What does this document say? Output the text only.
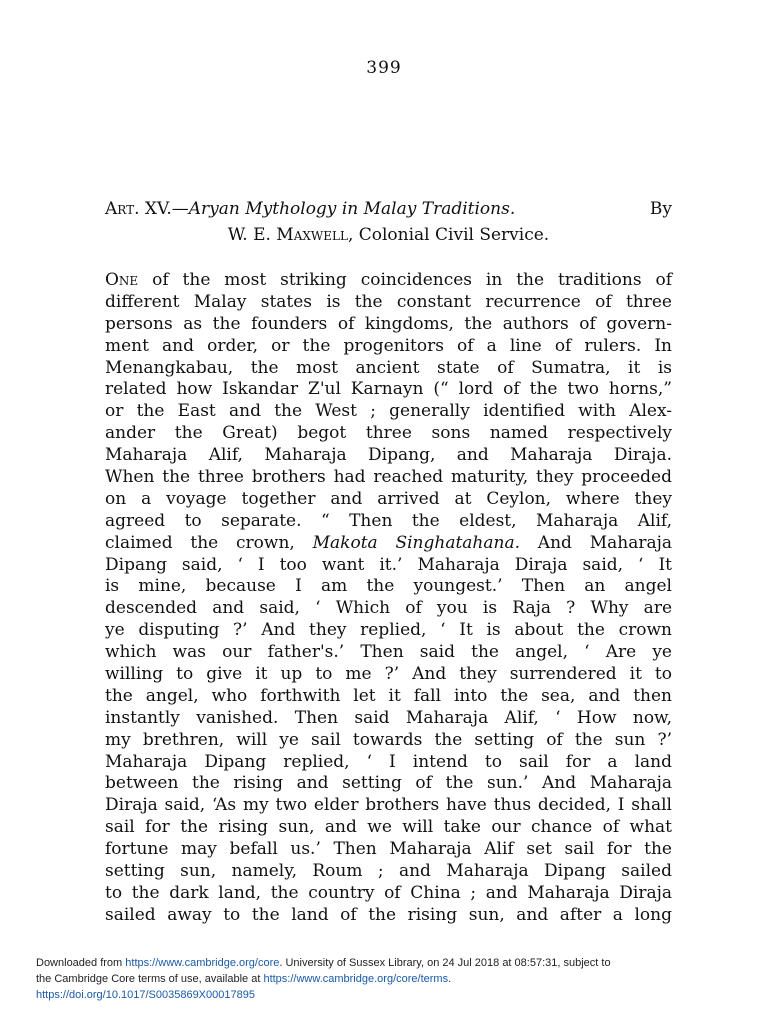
399
Art. XV.—Aryan Mythology in Malay Traditions.	By
W. E. Maxwell, Colonial Civil Service.
One of the most striking coincidences in the traditions of
different Malay states is the constant recurrence of three
persons as the founders of kingdoms, the authors of govern-
ment and order, or the progenitors of a line of rulers. In
Menangkabau, the most ancient state of Sumatra, it is
related how Iskandar Z'ul Karnayn (“ lord of the two horns,”
or the East and the West ; generally identified with Alex-
ander the Great) begot three sons named respectively
Maharaja Alif, Maharaja Dipang, and Maharaja Diraja.
When the three brothers had reached maturity, they proceeded
on a voyage together and arrived at Ceylon, where they
agreed to separate. “ Then the eldest, Maharaja Alif,
claimed the crown, Makota Singhatahana. And Maharaja
Dipang said, ‘ I too want it.’ Maharaja Diraja said, ‘ It
is mine, because I am the youngest.’ Then an angel
descended and said, ‘ Which of you is Raja ? Why are
ye disputing ?’ And they replied, ‘ It is about the crown
which was our father's.’ Then said the angel, ‘ Are ye
willing to give it up to me ?’ And they surrendered it to
the angel, who forthwith let it fall into the sea, and then
instantly vanished. Then said Maharaja Alif, ‘ How now,
my brethren, will ye sail towards the setting of the sun ?’
Maharaja Dipang replied, ‘ I intend to sail for a land
between the rising and setting of the sun.’ And Maharaja
Diraja said, ‘As my two elder brothers have thus decided, I shall
sail for the rising sun, and we will take our chance of what
fortune may befall us.’ Then Maharaja Alif set sail for the
setting sun, namely, Roum ; and Maharaja Dipang sailed
to the dark land, the country of China ; and Maharaja Diraja
sailed away to the land of the rising sun, and after a long
Downloaded from https://www.cambridge.org/core. University of Sussex Library, on 24 Jul 2018 at 08:57:31, subject to
the Cambridge Core terms of use, available at https://www.cambridge.org/core/terms.
https://doi.org/10.1017/S0035869X00017895
